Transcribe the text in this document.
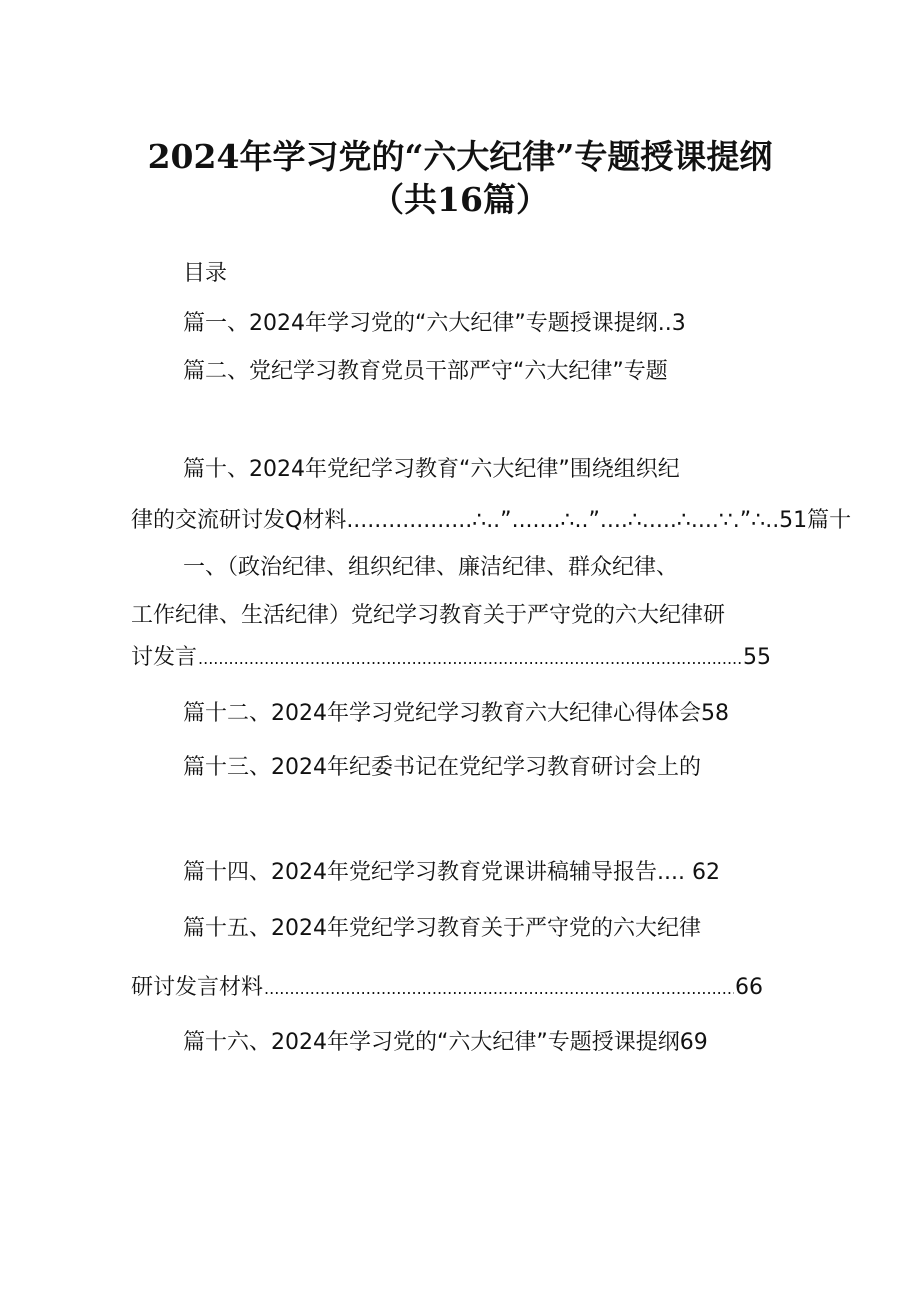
2024年学习党的“六大纪律”专题授课提纲
（共16篇）
目录
篇一、2024年学习党的“六大纪律”专题授课提纲..3
篇二、党纪学习教育党员干部严守“六大纪律”专题
篇十、2024年党纪学习教育“六大纪律”围绕组织纪
律的交流研讨发Q材料..................∴..”.......∴..”....∴.....∴....∵.”∴..51篇十
一、（政治纪律、组织纪律、廉洁纪律、群众纪律、
工作纪律、生活纪律）党纪学习教育关于严守党的六大纪律研
讨发言 .....	55
篇十二、2024年学习党纪学习教育六大纪律心得体会58
篇十三、2024年纪委书记在党纪学习教育研讨会上的
篇十四、2024年党纪学习教育党课讲稿辅导报告.... 62
篇十五、2024年党纪学习教育关于严守党的六大纪律
研讨发言材料 .....	66
篇十六、2024年学习党的“六大纪律”专题授课提纲69
